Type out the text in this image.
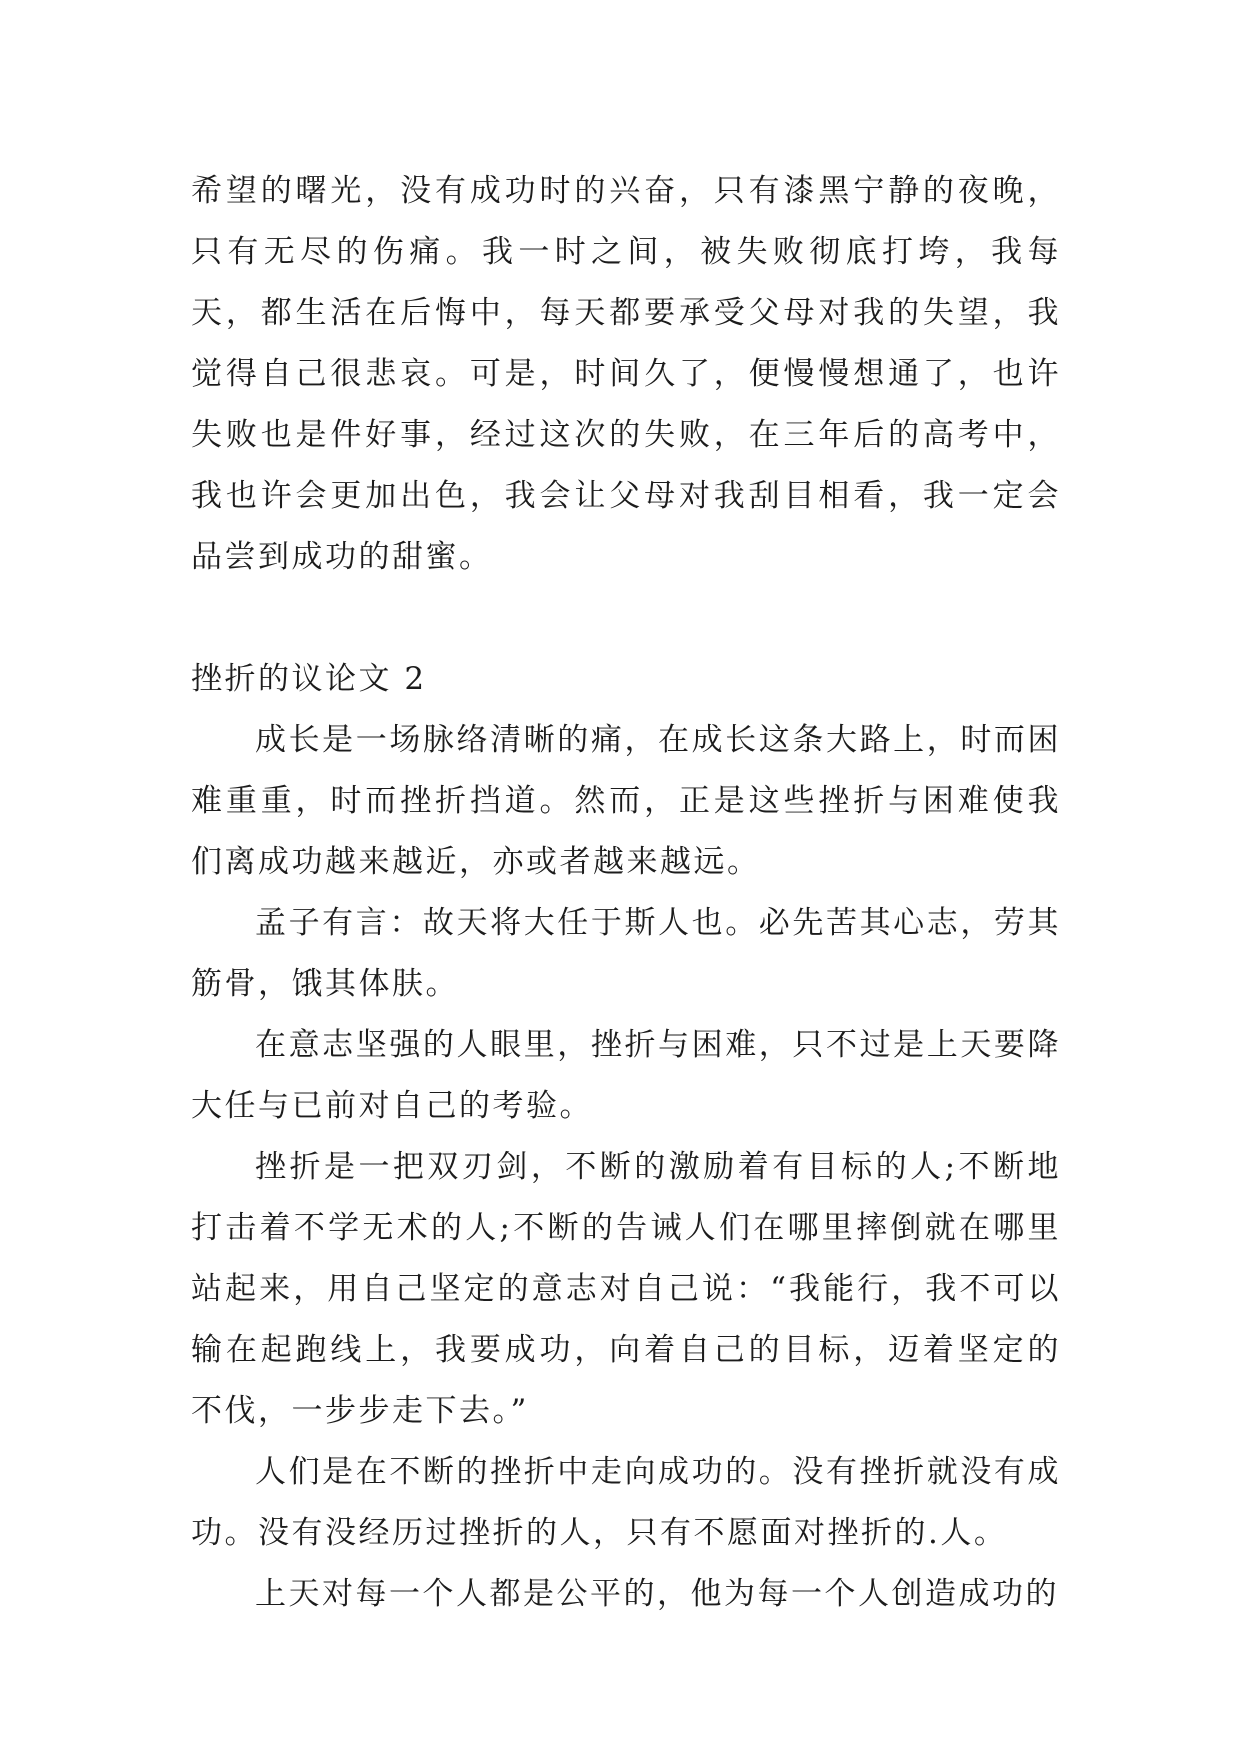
希望的曙光，没有成功时的兴奋，只有漆黑宁静的夜晚，只有无尽的伤痛。我一时之间，被失败彻底打垮，我每天，都生活在后悔中，每天都要承受父母对我的失望，我觉得自己很悲哀。可是，时间久了，便慢慢想通了，也许失败也是件好事，经过这次的失败，在三年后的高考中，我也许会更加出色，我会让父母对我刮目相看，我一定会品尝到成功的甜蜜。

挫折的议论文 2

成长是一场脉络清晰的痛，在成长这条大路上，时而困难重重，时而挫折挡道。然而，正是这些挫折与困难使我们离成功越来越近，亦或者越来越远。

孟子有言：故天将大任于斯人也。必先苦其心志，劳其筋骨，饿其体肤。

在意志坚强的人眼里，挫折与困难，只不过是上天要降大任与已前对自己的考验。

挫折是一把双刃剑，不断的激励着有目标的人;不断地打击着不学无术的人;不断的告诫人们在哪里摔倒就在哪里站起来，用自己坚定的意志对自己说：“我能行，我不可以输在起跑线上，我要成功，向着自己的目标，迈着坚定的不伐，一步步走下去。”

人们是在不断的挫折中走向成功的。没有挫折就没有成功。没有没经历过挫折的人，只有不愿面对挫折的.人。

上天对每一个人都是公平的，他为每一个人创造成功的
